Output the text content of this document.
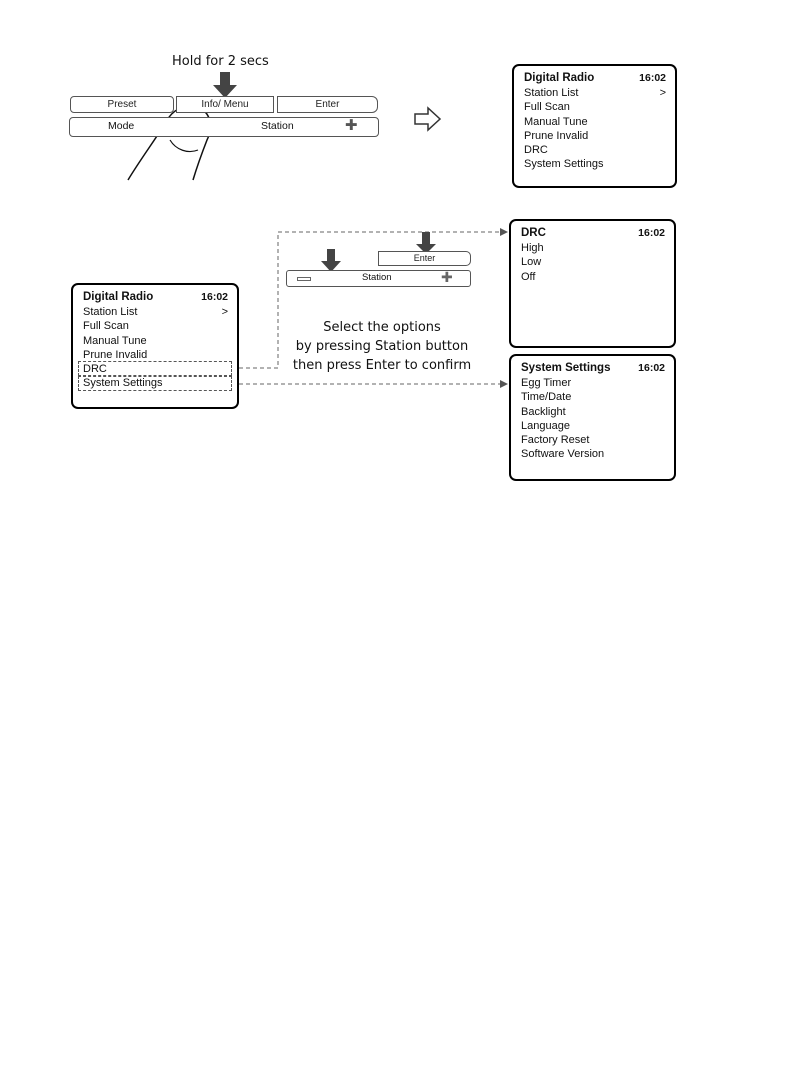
Hold for 2 secs
Preset	Info/ Menu	Enter
Mode	Station	✚
Digital Radio	16:02
Station List	>
Full Scan
Manual Tune
Prune Invalid
DRC
System Settings
Digital Radio	16:02
Station List	>
Full Scan
Manual Tune
Prune Invalid
DRC
System Settings
Enter
Station	✚
Select the options
by pressing Station button
then press Enter to confirm
DRC	16:02
High
Low
Off
System Settings	16:02
Egg Timer
Time/Date
Backlight
Language
Factory Reset
Software Version
